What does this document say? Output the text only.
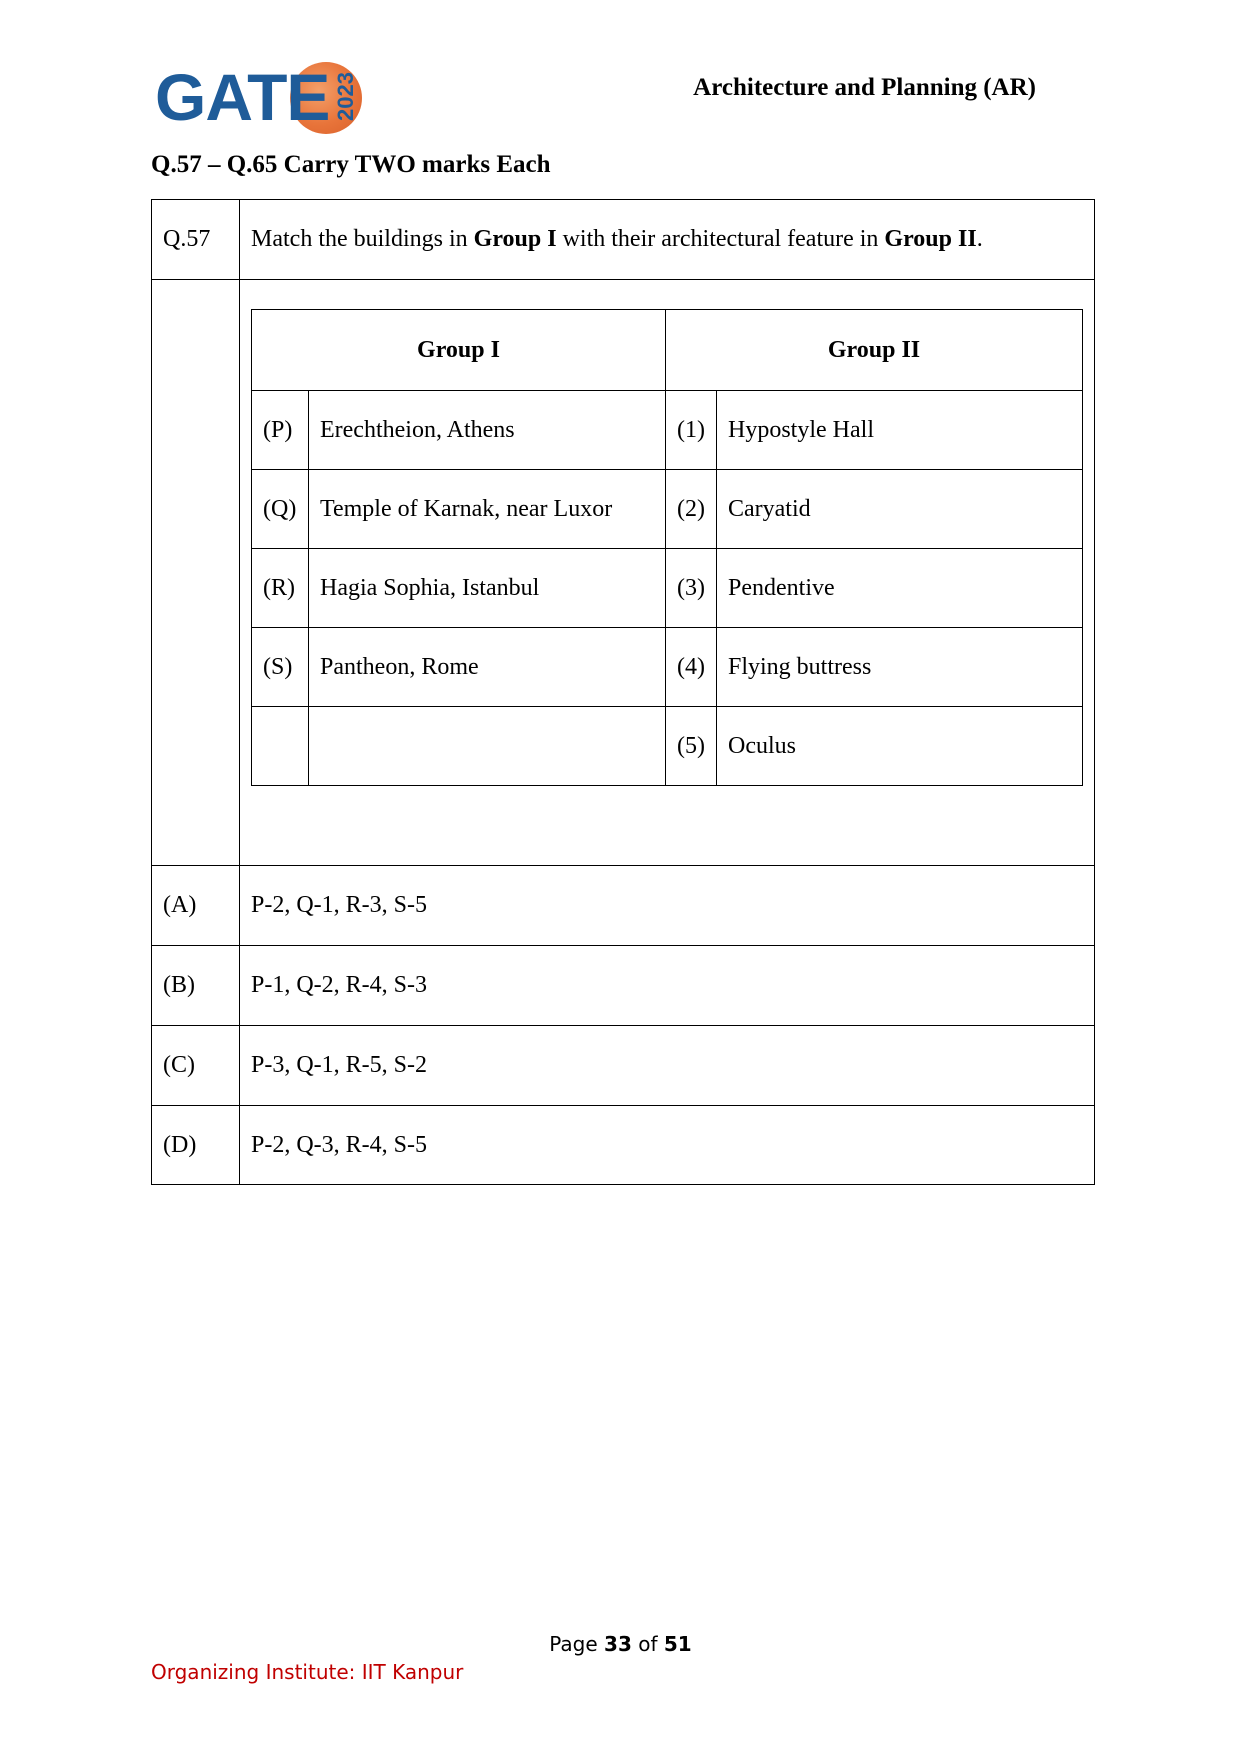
GATE 2023	Architecture and Planning (AR)
Q.57 – Q.65 Carry TWO marks Each
Q.57	Match the buildings in Group I with their architectural feature in Group II.

Group I	Group II
(P)	Erechtheion, Athens	(1)	Hypostyle Hall
(Q)	Temple of Karnak, near Luxor	(2)	Caryatid
(R)	Hagia Sophia, Istanbul	(3)	Pendentive
(S)	Pantheon, Rome	(4)	Flying buttress
		(5)	Oculus

(A)	P-2, Q-1, R-3, S-5
(B)	P-1, Q-2, R-4, S-3
(C)	P-3, Q-1, R-5, S-2
(D)	P-2, Q-3, R-4, S-5
Page 33 of 51
Organizing Institute: IIT Kanpur
